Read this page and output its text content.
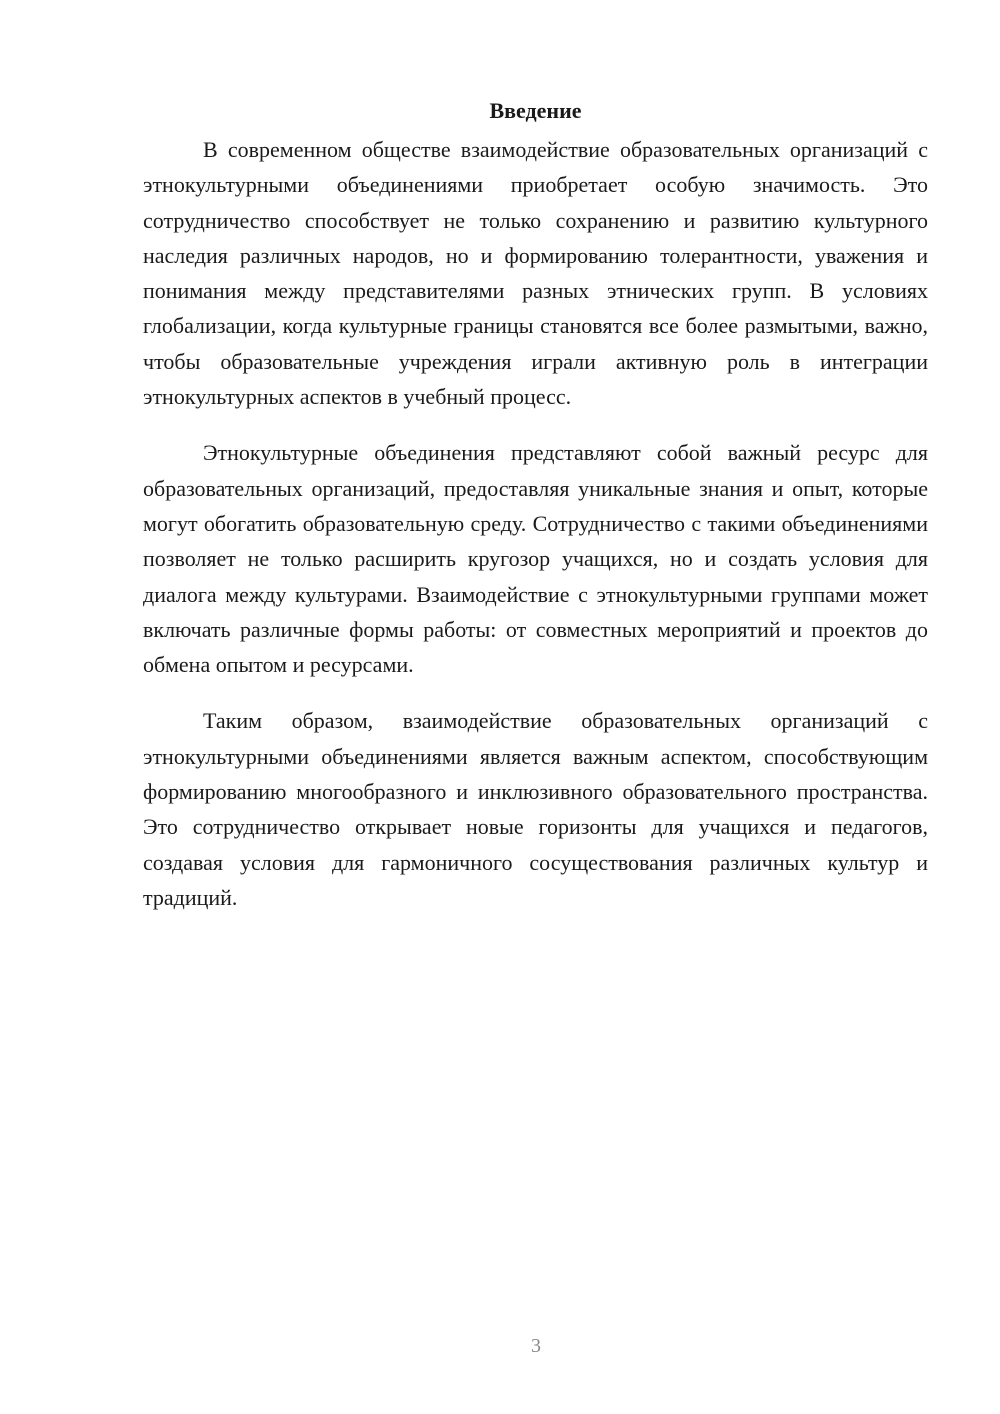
Введение

В современном обществе взаимодействие образовательных организаций с этнокультурными объединениями приобретает особую значимость. Это сотрудничество способствует не только сохранению и развитию культурного наследия различных народов, но и формированию толерантности, уважения и понимания между представителями разных этнических групп. В условиях глобализации, когда культурные границы становятся все более размытыми, важно, чтобы образовательные учреждения играли активную роль в интеграции этнокультурных аспектов в учебный процесс.

Этнокультурные объединения представляют собой важный ресурс для образовательных организаций, предоставляя уникальные знания и опыт, которые могут обогатить образовательную среду. Сотрудничество с такими объединениями позволяет не только расширить кругозор учащихся, но и создать условия для диалога между культурами. Взаимодействие с этнокультурными группами может включать различные формы работы: от совместных мероприятий и проектов до обмена опытом и ресурсами.

Таким образом, взаимодействие образовательных организаций с этнокультурными объединениями является важным аспектом, способствующим формированию многообразного и инклюзивного образовательного пространства. Это сотрудничество открывает новые горизонты для учащихся и педагогов, создавая условия для гармоничного сосуществования различных культур и традиций.

3
